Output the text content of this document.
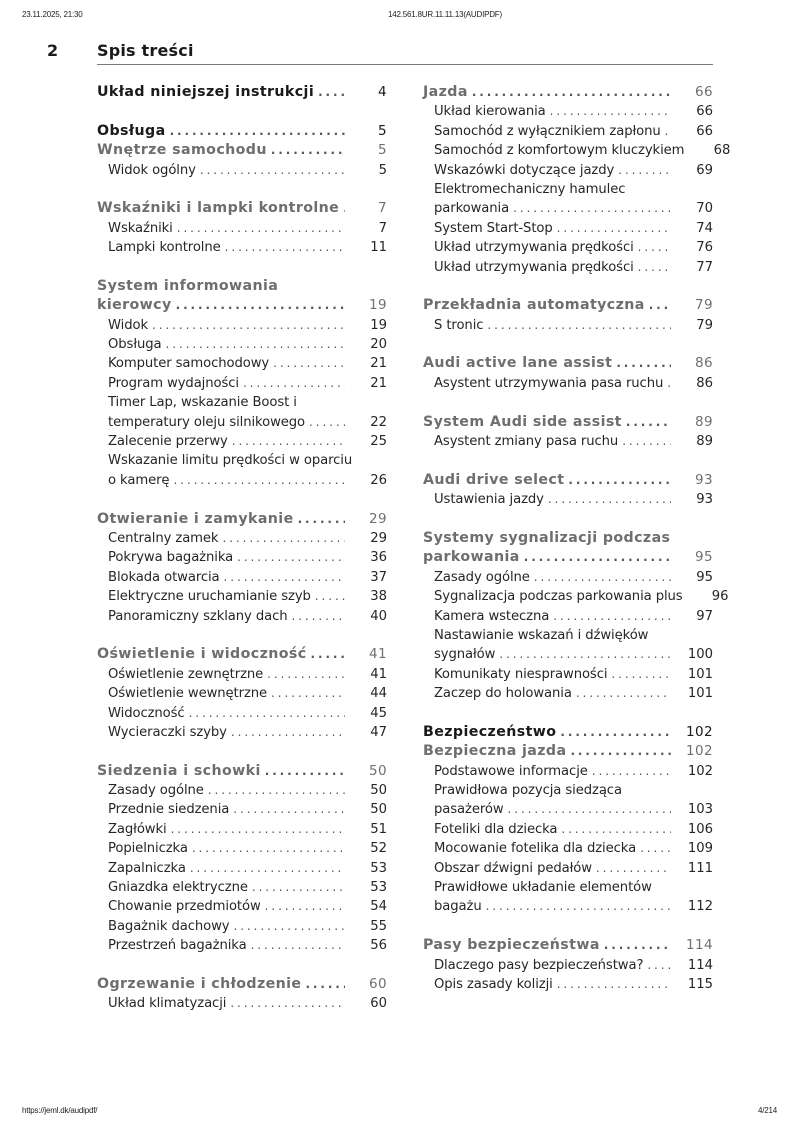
23.11.2025, 21:30	142.561.8UR.11.11.13(AUDIPDF)
2 Spis treści
Układ niniejszej instrukcji .....	4
Obsługa .....	5
Wnętrze samochodu .....	5
Widok ogólny .....	5
Wskaźniki i lampki kontrolne .....	7
Wskaźniki .....	7
Lampki kontrolne .....	11
System informowania
kierowcy .....	19
Widok .....	19
Obsługa .....	20
Komputer samochodowy .....	21
Program wydajności .....	21
Timer Lap, wskazanie Boost i
temperatury oleju silnikowego .....	22
Zalecenie przerwy .....	25
Wskazanie limitu prędkości w oparciu
o kamerę .....	26
Otwieranie i zamykanie .....	29
Centralny zamek .....	29
Pokrywa bagażnika .....	36
Blokada otwarcia .....	37
Elektryczne uruchamianie szyb .....	38
Panoramiczny szklany dach .....	40
Oświetlenie i widoczność .....	41
Oświetlenie zewnętrzne .....	41
Oświetlenie wewnętrzne .....	44
Widoczność .....	45
Wycieraczki szyby .....	47
Siedzenia i schowki .....	50
Zasady ogólne .....	50
Przednie siedzenia .....	50
Zagłówki .....	51
Popielniczka .....	52
Zapalniczka .....	53
Gniazdka elektryczne .....	53
Chowanie przedmiotów .....	54
Bagażnik dachowy .....	55
Przestrzeń bagażnika .....	56
Ogrzewanie i chłodzenie .....	60
Układ klimatyzacji .....	60
Jazda .....	66
Układ kierowania .....	66
Samochód z wyłącznikiem zapłonu .....	66
Samochód z komfortowym kluczykiem	68
Wskazówki dotyczące jazdy .....	69
Elektromechaniczny hamulec
parkowania .....	70
System Start-Stop .....	74
Układ utrzymywania prędkości .....	76
Układ utrzymywania prędkości .....	77
Przekładnia automatyczna .....	79
S tronic .....	79
Audi active lane assist .....	86
Asystent utrzymywania pasa ruchu .....	86
System Audi side assist .....	89
Asystent zmiany pasa ruchu .....	89
Audi drive select .....	93
Ustawienia jazdy .....	93
Systemy sygnalizacji podczas
parkowania .....	95
Zasady ogólne .....	95
Sygnalizacja podczas parkowania plus	96
Kamera wsteczna .....	97
Nastawianie wskazań i dźwięków
sygnałów .....	100
Komunikaty niesprawności .....	101
Zaczep do holowania .....	101
Bezpieczeństwo .....	102
Bezpieczna jazda .....	102
Podstawowe informacje .....	102
Prawidłowa pozycja siedząca
pasażerów .....	103
Foteliki dla dziecka .....	106
Mocowanie fotelika dla dziecka .....	109
Obszar dźwigni pedałów .....	111
Prawidłowe układanie elementów
bagażu .....	112
Pasy bezpieczeństwa .....	114
Dlaczego pasy bezpieczeństwa? .....	114
Opis zasady kolizji .....	115
https://jeml.dk/audipdf/	4/214
